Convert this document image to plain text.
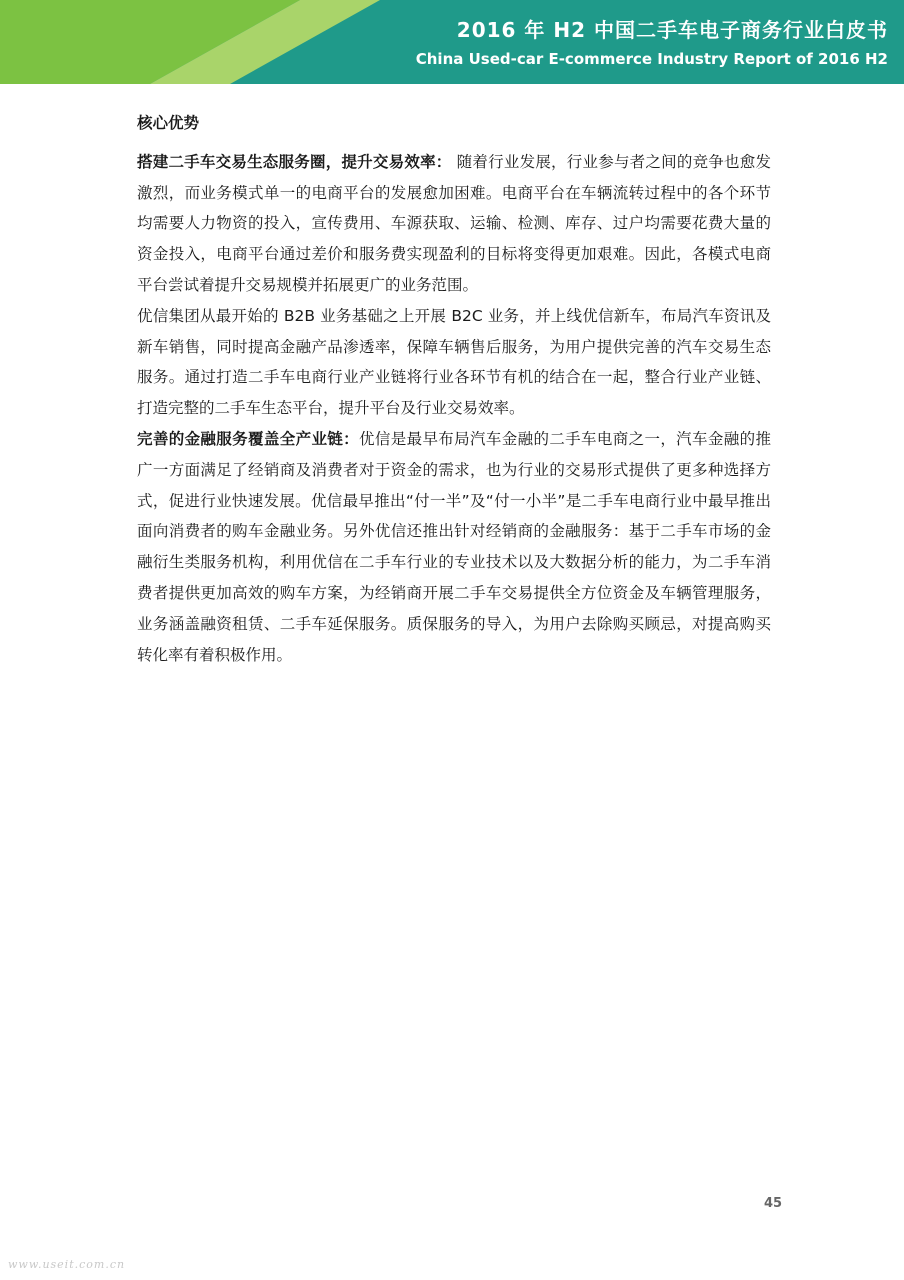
2016 年 H2 中国二手车电子商务行业白皮书
China Used-car E-commerce Industry Report of 2016 H2
核心优势

搭建二手车交易生态服务圈，提升交易效率： 随着行业发展，行业参与者之间的竞争也愈发激烈，而业务模式单一的电商平台的发展愈加困难。电商平台在车辆流转过程中的各个环节均需要人力物资的投入，宣传费用、车源获取、运输、检测、库存、过户均需要花费大量的资金投入，电商平台通过差价和服务费实现盈利的目标将变得更加艰难。因此，各模式电商平台尝试着提升交易规模并拓展更广的业务范围。

优信集团从最开始的 B2B 业务基础之上开展 B2C 业务，并上线优信新车，布局汽车资讯及新车销售，同时提高金融产品渗透率，保障车辆售后服务，为用户提供完善的汽车交易生态服务。通过打造二手车电商行业产业链将行业各环节有机的结合在一起，整合行业产业链、打造完整的二手车生态平台，提升平台及行业交易效率。

完善的金融服务覆盖全产业链：优信是最早布局汽车金融的二手车电商之一，汽车金融的推广一方面满足了经销商及消费者对于资金的需求，也为行业的交易形式提供了更多种选择方式，促进行业快速发展。优信最早推出“付一半”及“付一小半”是二手车电商行业中最早推出面向消费者的购车金融业务。另外优信还推出针对经销商的金融服务：基于二手车市场的金融衍生类服务机构，利用优信在二手车行业的专业技术以及大数据分析的能力，为二手车消费者提供更加高效的购车方案，为经销商开展二手车交易提供全方位资金及车辆管理服务，业务涵盖融资租赁、二手车延保服务。质保服务的导入，为用户去除购买顾忌，对提高购买转化率有着积极作用。

45
www.useit.com.cn
